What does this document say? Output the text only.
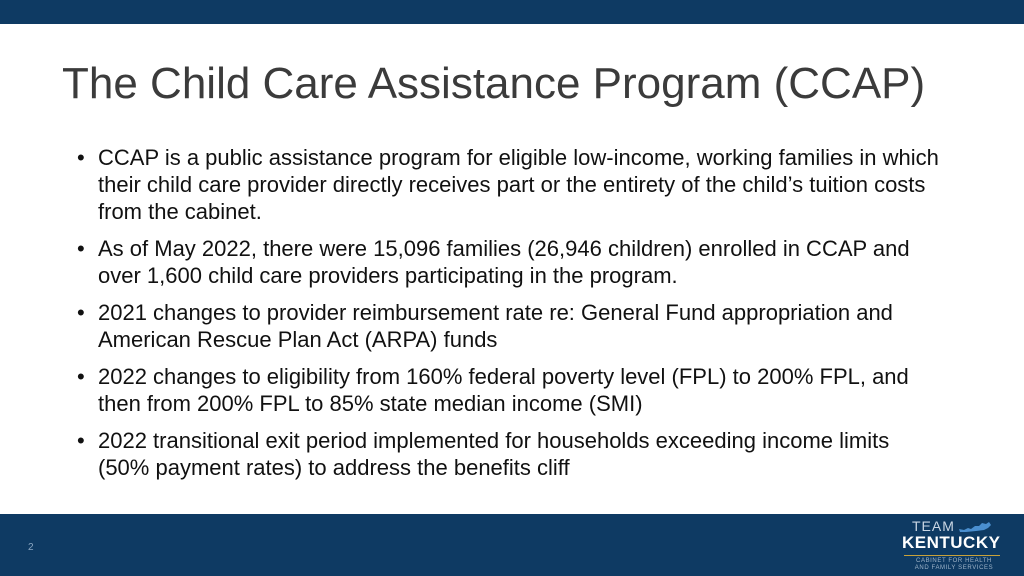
The Child Care Assistance Program (CCAP)
• CCAP is a public assistance program for eligible low-income, working families in which their child care provider directly receives part or the entirety of the child’s tuition costs from the cabinet.
• As of May 2022, there were 15,096 families (26,946 children) enrolled in CCAP and over 1,600 child care providers participating in the program.
• 2021 changes to provider reimbursement rate re: General Fund appropriation and American Rescue Plan Act (ARPA) funds
• 2022 changes to eligibility from 160% federal poverty level (FPL) to 200% FPL, and then from 200% FPL to 85% state median income (SMI)
• 2022 transitional exit period implemented for households exceeding income limits (50% payment rates) to address the benefits cliff
2
TEAM
KENTUCKY
CABINET FOR HEALTH
AND FAMILY SERVICES
